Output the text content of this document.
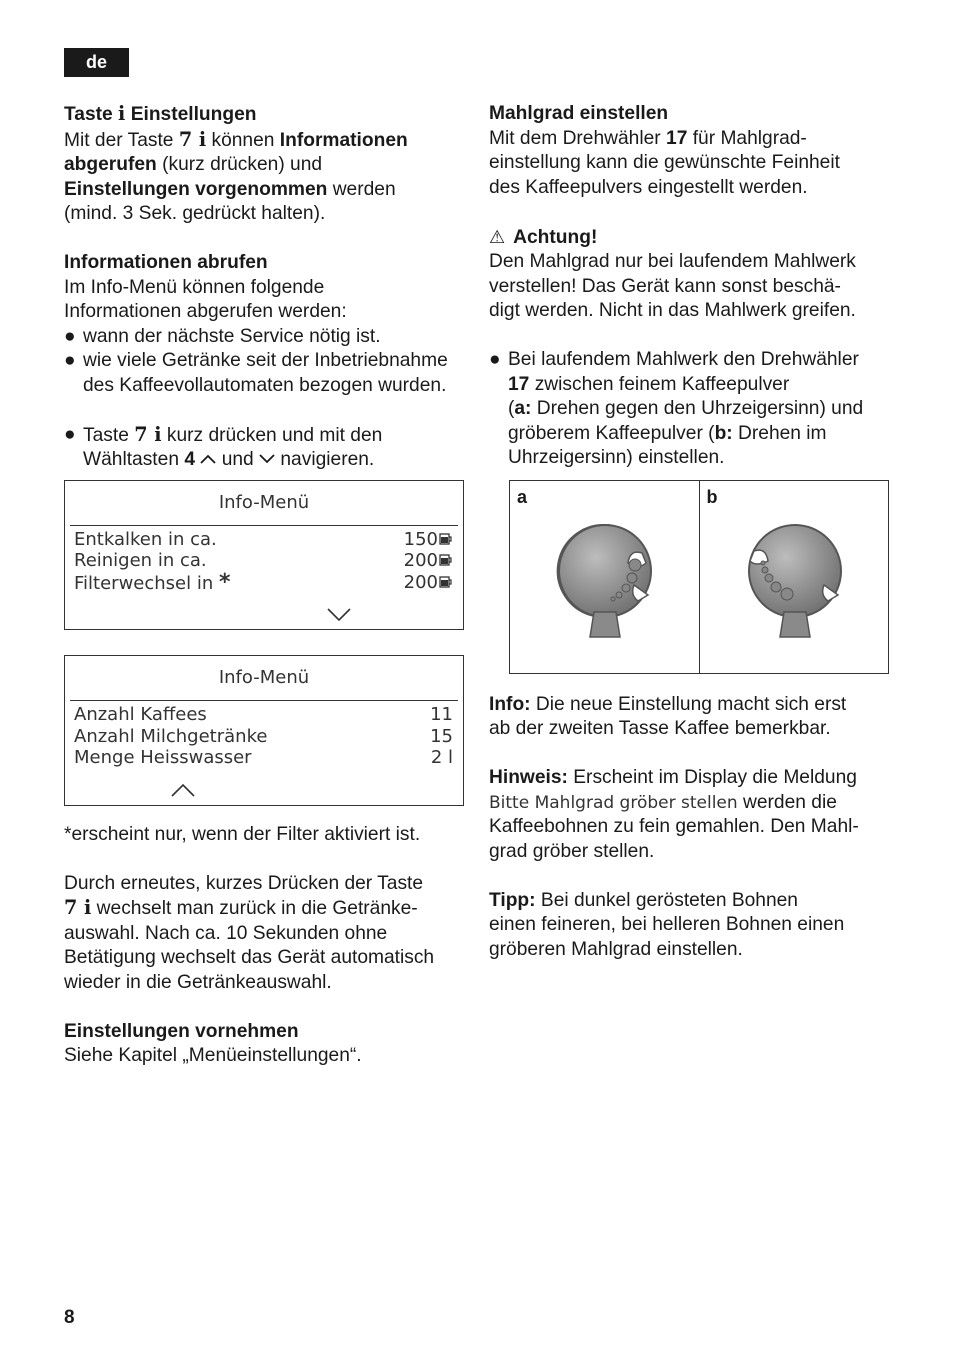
de

Taste i Einstellungen

Mit der Taste 7 i können Informationen

abgerufen (kurz drücken) und

Einstellungen vorgenommen werden

(mind. 3 Sek. gedrückt halten).

Informationen abrufen

Im Info-Menü können folgende

Informationen abgerufen werden:

● wann der nächste Service nötig ist.
● wie viele Getränke seit der Inbetriebnahme des Kaffeevollautomaten bezogen wurden.
● Taste 7 i kurz drücken und mit den
Wähltasten 4 und navigieren.
Info-Menü
Entkalken in ca.	150
Reinigen in ca.	200
Filterwechsel in *	200
Info-Menü
Anzahl Kaffees	11
Anzahl Milchgetränke	15
Menge Heisswasser	2 l

*erscheint nur, wenn der Filter aktiviert ist.

Durch erneutes, kurzes Drücken der Taste

7 i wechselt man zurück in die Getränke-

auswahl. Nach ca. 10 Sekunden ohne

Betätigung wechselt das Gerät automatisch

wieder in die Getränkeauswahl.

Einstellungen vornehmen

Siehe Kapitel „Menüeinstellungen“.

Mahlgrad einstellen

Mit dem Drehwähler 17 für Mahlgrad-

einstellung kann die gewünschte Feinheit

des Kaffeepulvers eingestellt werden.

⚠ Achtung!

Den Mahlgrad nur bei laufendem Mahlwerk

verstellen! Das Gerät kann sonst beschä-

digt werden. Nicht in das Mahlwerk greifen.

● Bei laufendem Mahlwerk den Drehwähler
17 zwischen feinem Kaffeepulver
(a: Drehen gegen den Uhrzeigersinn) und
gröberem Kaffeepulver (b: Drehen im
Uhrzeigersinn) einstellen.
a	b

Info: Die neue Einstellung macht sich erst

ab der zweiten Tasse Kaffee bemerkbar.

Hinweis: Erscheint im Display die Meldung

Bitte Mahlgrad gröber stellen werden die

Kaffeebohnen zu fein gemahlen. Den Mahl-

grad gröber stellen.

Tipp: Bei dunkel gerösteten Bohnen

einen feineren, bei helleren Bohnen einen

gröberen Mahlgrad einstellen.

8
